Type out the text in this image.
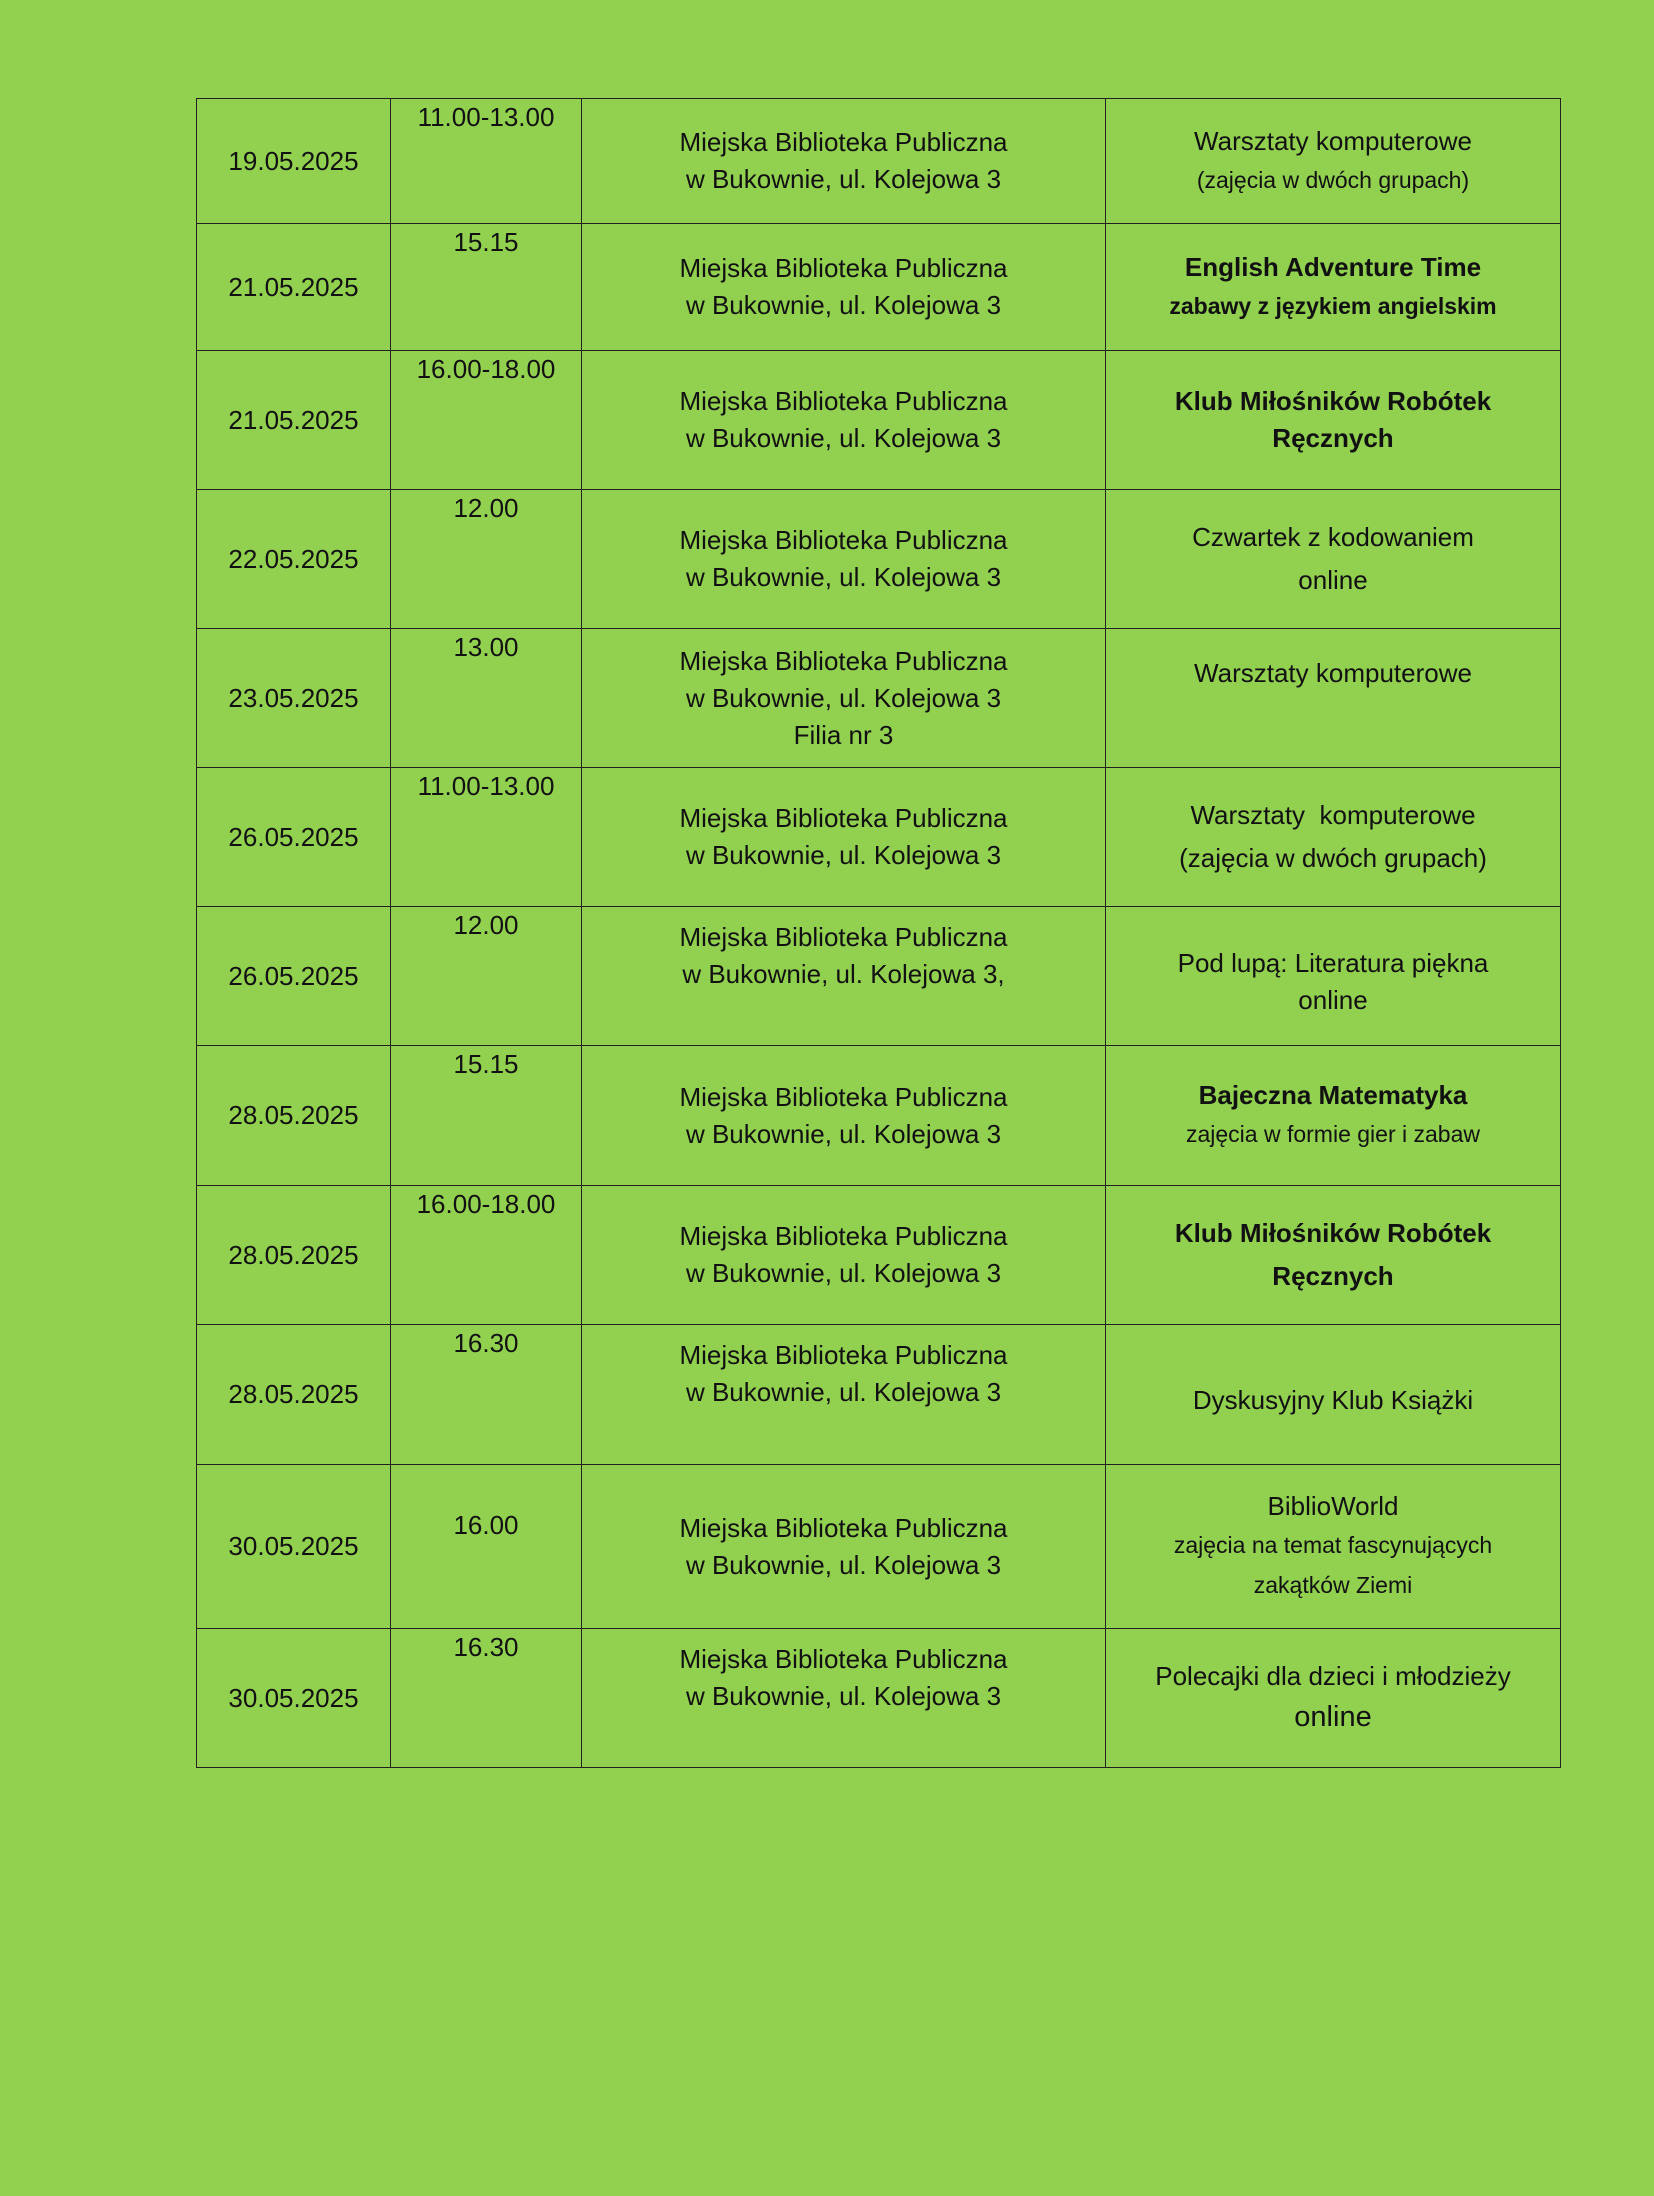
19.05.2025	11.00-13.00	Miejska Biblioteka Publiczna
w Bukownie, ul. Kolejowa 3	Warsztaty komputerowe
(zajęcia w dwóch grupach)

21.05.2025	15.15	Miejska Biblioteka Publiczna
w Bukownie, ul. Kolejowa 3	English Adventure Time
zabawy z językiem angielskim

21.05.2025	16.00-18.00	Miejska Biblioteka Publiczna
w Bukownie, ul. Kolejowa 3	Klub Miłośników Robótek
Ręcznych

22.05.2025	12.00	Miejska Biblioteka Publiczna
w Bukownie, ul. Kolejowa 3	Czwartek z kodowaniem
online

23.05.2025	13.00	Miejska Biblioteka Publiczna
w Bukownie, ul. Kolejowa 3
Filia nr 3	Warsztaty komputerowe

26.05.2025	11.00-13.00	Miejska Biblioteka Publiczna
w Bukownie, ul. Kolejowa 3	Warsztaty  komputerowe
(zajęcia w dwóch grupach)

26.05.2025	12.00	Miejska Biblioteka Publiczna
w Bukownie, ul. Kolejowa 3,	Pod lupą: Literatura piękna
online

28.05.2025	15.15	Miejska Biblioteka Publiczna
w Bukownie, ul. Kolejowa 3	Bajeczna Matematyka
zajęcia w formie gier i zabaw

28.05.2025	16.00-18.00	Miejska Biblioteka Publiczna
w Bukownie, ul. Kolejowa 3	Klub Miłośników Robótek
Ręcznych

28.05.2025	16.30	Miejska Biblioteka Publiczna
w Bukownie, ul. Kolejowa 3	Dyskusyjny Klub Książki

30.05.2025	16.00	Miejska Biblioteka Publiczna
w Bukownie, ul. Kolejowa 3	BiblioWorld
zajęcia na temat fascynujących
zakątków Ziemi

30.05.2025	16.30	Miejska Biblioteka Publiczna
w Bukownie, ul. Kolejowa 3	Polecajki dla dzieci i młodzieży
online
